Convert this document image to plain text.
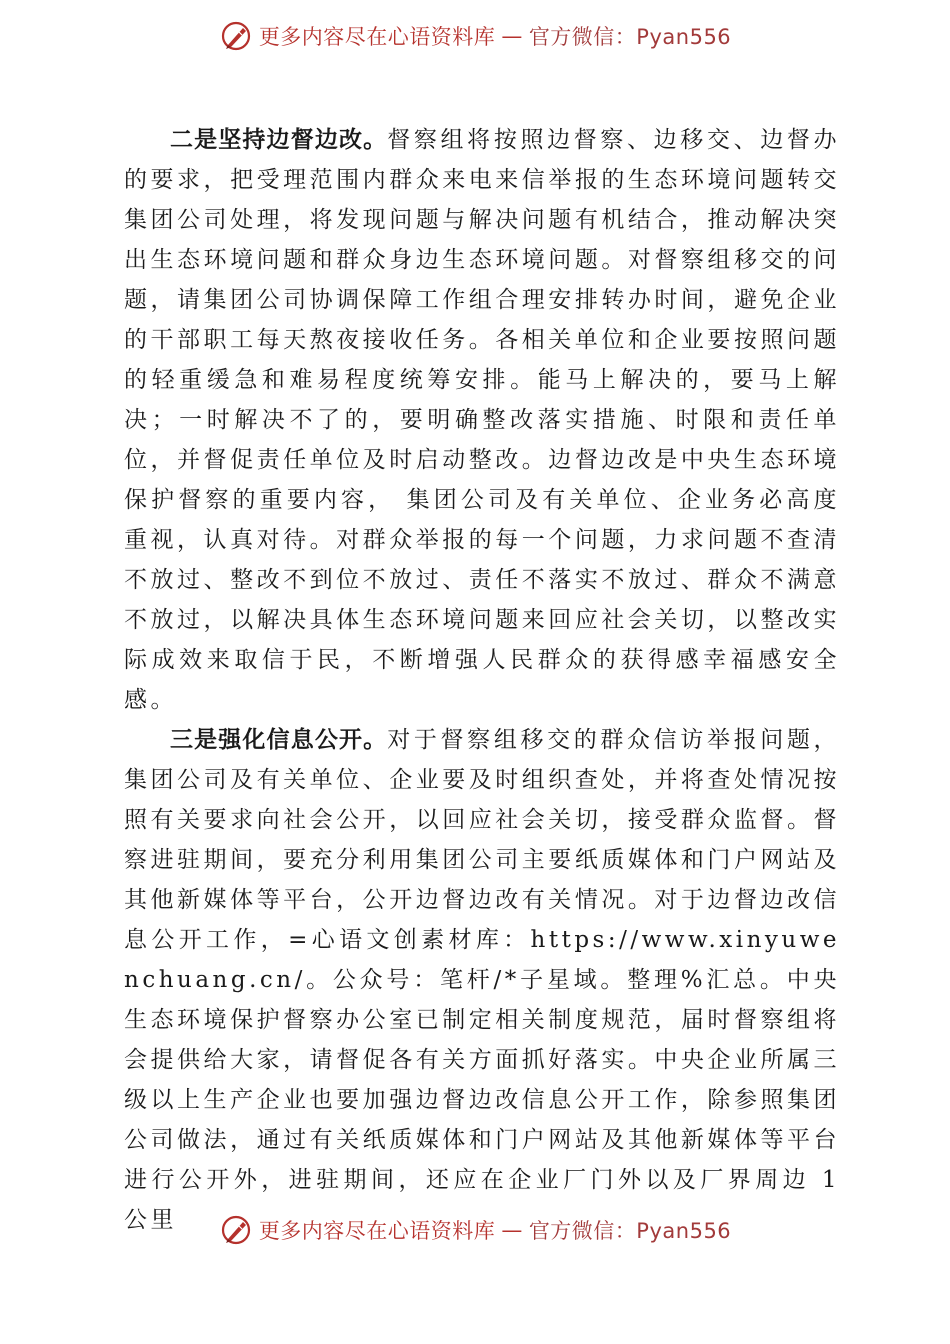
更多内容尽在心语资料库 — 官方微信：Pyan556

二是坚持边督边改。督察组将按照边督察、边移交、边督办的要求，把受理范围内群众来电来信举报的生态环境问题转交集团公司处理，将发现问题与解决问题有机结合，推动解决突出生态环境问题和群众身边生态环境问题。对督察组移交的问题，请集团公司协调保障工作组合理安排转办时间，避免企业的干部职工每天熬夜接收任务。各相关单位和企业要按照问题的轻重缓急和难易程度统筹安排。能马上解决的，要马上解决；一时解决不了的，要明确整改落实措施、时限和责任单位，并督促责任单位及时启动整改。边督边改是中央生态环境保护督察的重要内容， 集团公司及有关单位、企业务必高度重视，认真对待。对群众举报的每一个问题，力求问题不查清不放过、整改不到位不放过、责任不落实不放过、群众不满意不放过，以解决具体生态环境问题来回应社会关切，以整改实际成效来取信于民，不断增强人民群众的获得感幸福感安全感。

三是强化信息公开。对于督察组移交的群众信访举报问题，集团公司及有关单位、企业要及时组织查处，并将查处情况按照有关要求向社会公开，以回应社会关切，接受群众监督。督察进驻期间，要充分利用集团公司主要纸质媒体和门户网站及其他新媒体等平台，公开边督边改有关情况。对于边督边改信息公开工作，=心语文创素材库：https://www.xinyuwenchuang.cn/。公众号：笔杆/*子星域。整理%汇总。中央生态环境保护督察办公室已制定相关制度规范，届时督察组将会提供给大家，请督促各有关方面抓好落实。中央企业所属三级以上生产企业也要加强边督边改信息公开工作，除参照集团公司做法，通过有关纸质媒体和门户网站及其他新媒体等平台进行公开外，进驻期间，还应在企业厂门外以及厂界周边 1 公里	更多内容尽在心语资料库 — 官方微信：Pyan556
